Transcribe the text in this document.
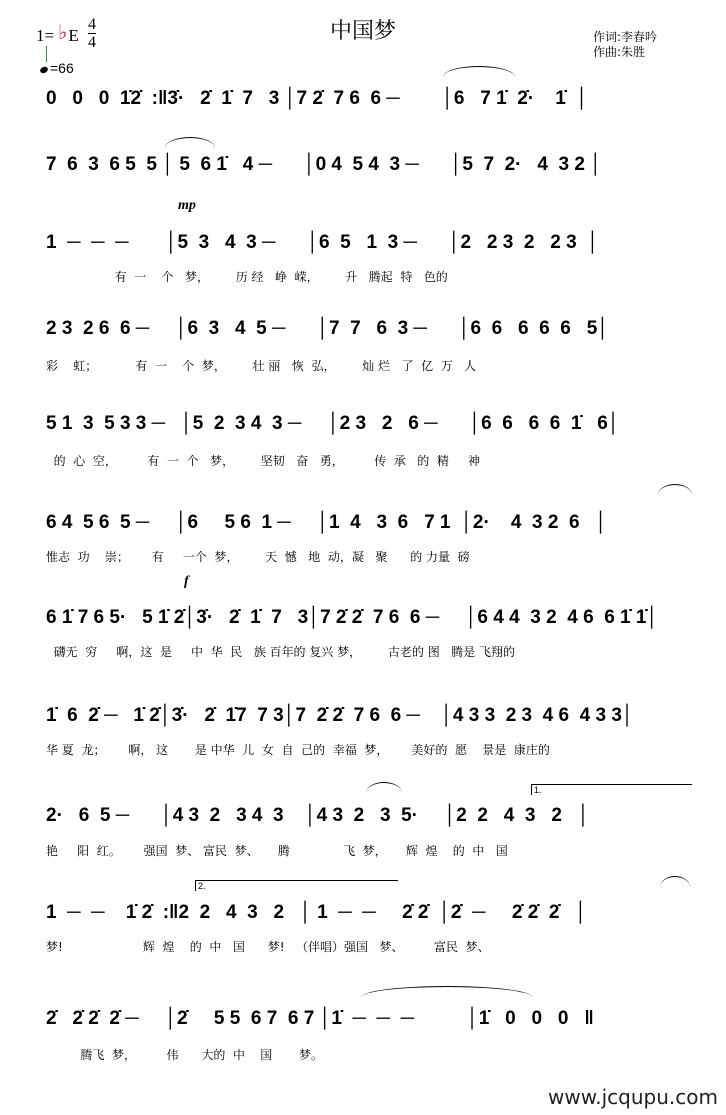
中国梦
1= ♭ E $\frac{4}{4}$
=66
作词:李春吟
作曲:朱胜
0   0   0  1̇2̇  :‖3̇·   2̇  1̇  7   3 │7 2̇  7 6  6 ─        │6   7 1̇  2̇·    1̇  │
7  6  3  6 5  5 │ 5  6 1̇   4 ─      │0 4  5 4  3 ─      │5  7  2·   4  3 2 │
mp
1  ─  ─  ─       │5  3   4  3 ─      │6  5   1  3 ─      │2   2 3  2   2 3  │
有  一    个   梦，       历 经   峥  嵘，       升   腾起  特   色的
2 3  2 6  6 ─     │6  3   4  5 ─      │7  7   6  3 ─      │6  6   6  6  6   5│
彩    虹；          有  一    个  梦，       壮 丽   恢  弘，       灿 烂   了  亿  万   人
5 1  3  5 3 3 ─   │5  2  3 4  3 ─     │2 3   2   6 ─      │6  6   6  6  1̇   6│
的  心  空，        有  一  个   梦，       坚韧   奋   勇，        传  承   的  精     神
6 4  5 6  5 ─     │6     5 6  1 ─     │1  4   3  6   7 1  │2·    4  3 2  6   │
惟志  功    崇；      有     一个  梦，       天  憾   地  动，凝   聚      的 力量  磅
f
6 1̇ 7 6 5·   5 1̇ 2̇│3̇·   2̇  1̇  7   3│7 2̇ 2̇  7 6  6 ─     │6 4 4  3 2  4 6  6 1̇ 1̇│
礴无  穷     啊，这  是     中  华  民   族 百年的 复兴 梦，       古老的 图   腾是 飞翔的
1̇  6  2̇ ─   1̇ 2̇│3̇·   2̇  1̇7  7 3│7  2̇ 2̇  7 6  6 ─    │4 3 3  2 3  4 6  4 3 3│
华 夏  龙；      啊， 这       是 中华  儿  女  自  己的  幸福  梦，      美好的  愿    景是  康庄的
2·   6  5 ─      │4 3  2   3 4  3    │4 3  2   3  5·     │2  2   4  3   2   │
艳     阳  红。      强国  梦、 富民  梦、     腾              飞  梦，     辉  煌    的  中   国
1.
1  ─  ─    1̇ 2̇  :‖2  2   4  3   2   │ 1  ─  ─     2̇ 2̇  │2̇  ─     2̇ 2̇  2̇   │
梦!                     辉  煌    的  中   国      梦!   （伴唱）强国   梦、        富民  梦、
2.
2̇   2̇ 2̇  2̇ ─     │2̇     5 5  6 7  6 7 │1̇  ─  ─  ─          │1̇   0   0   0   ‖
腾飞  梦，        伟      大的  中    国       梦。
www.jcqupu.com
